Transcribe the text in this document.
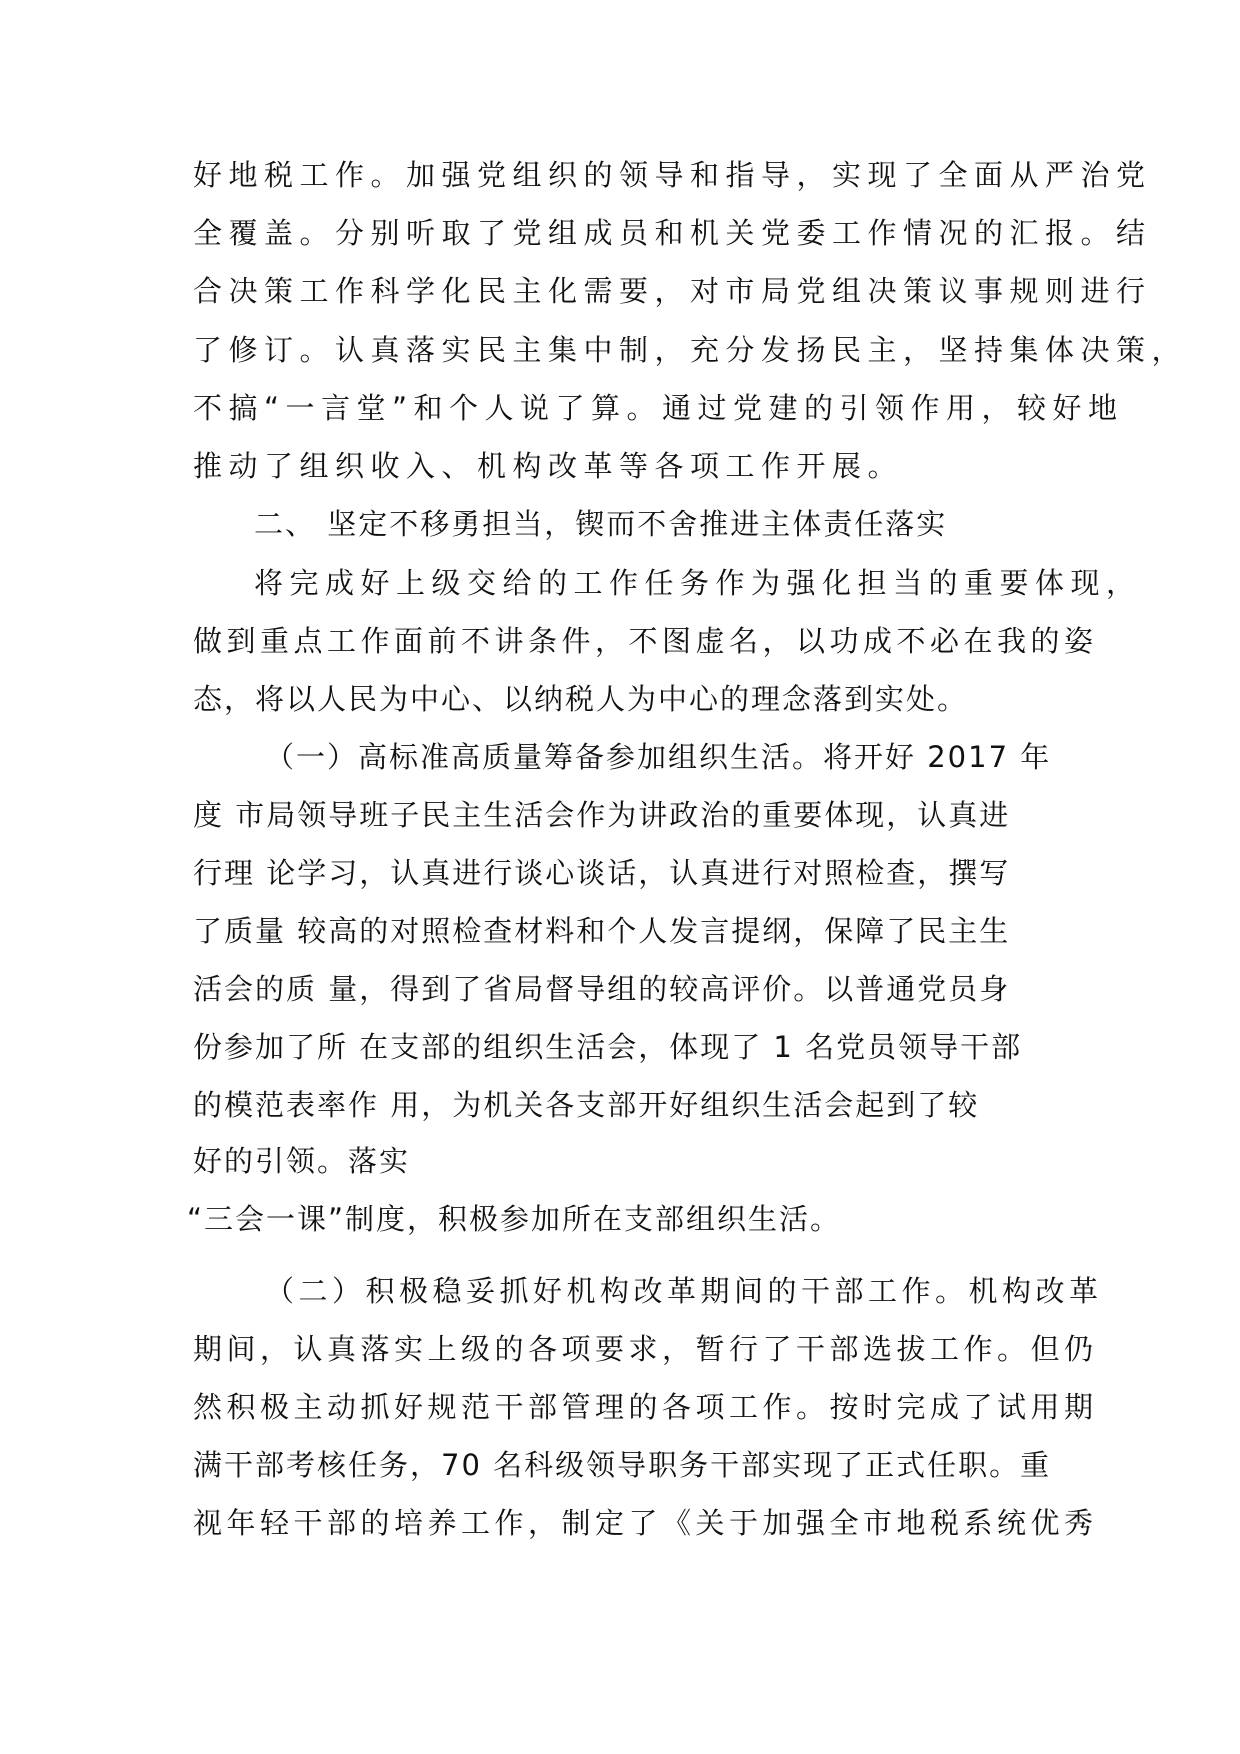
好地税工作。加强党组织的领导和指导，实现了全面从严治党
全覆盖。分别听取了党组成员和机关党委工作情况的汇报。结
合决策工作科学化民主化需要，对市局党组决策议事规则进行
了修订。认真落实民主集中制，充分发扬民主，坚持集体决策，
不搞“一言堂”和个人说了算。通过党建的引领作用，较好地
推动了组织收入、机构改革等各项工作开展。
二、 坚定不移勇担当，锲而不舍推进主体责任落实
将完成好上级交给的工作任务作为强化担当的重要体现，
做到重点工作面前不讲条件，不图虚名，以功成不必在我的姿
态，将以人民为中心、以纳税人为中心的理念落到实处。
（一）高标准高质量筹备参加组织生活。将开好 2017 年
度 市局领导班子民主生活会作为讲政治的重要体现，认真进
行理 论学习，认真进行谈心谈话，认真进行对照检查，撰写
了质量 较高的对照检查材料和个人发言提纲，保障了民主生
活会的质 量，得到了省局督导组的较高评价。以普通党员身
份参加了所 在支部的组织生活会，体现了 1 名党员领导干部
的模范表率作 用，为机关各支部开好组织生活会起到了较
好的引领。落实
“三会一课”制度，积极参加所在支部组织生活。
（二）积极稳妥抓好机构改革期间的干部工作。机构改革
期间，认真落实上级的各项要求，暂行了干部选拔工作。但仍
然积极主动抓好规范干部管理的各项工作。按时完成了试用期
满干部考核任务，70 名科级领导职务干部实现了正式任职。重
视年轻干部的培养工作，制定了《关于加强全市地税系统优秀
